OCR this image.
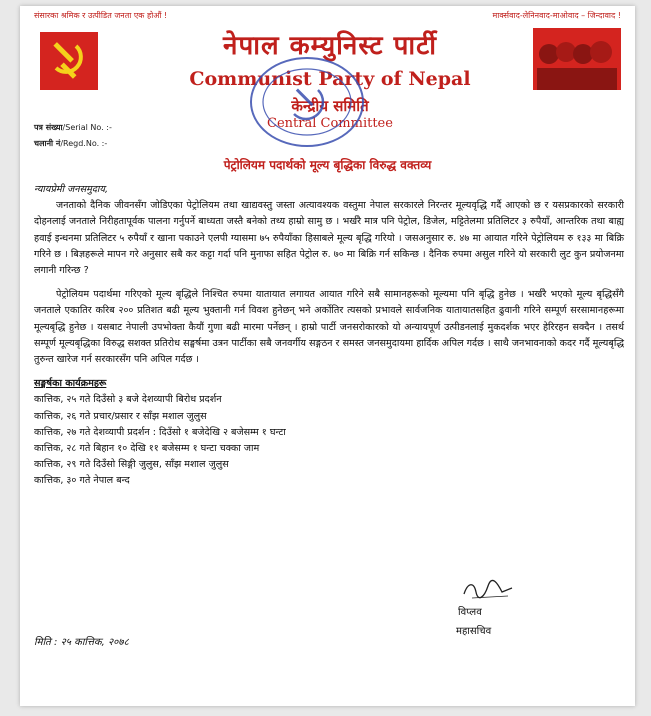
संसारका श्रमिक र उत्पीडित जनता एक होऔं !	मार्क्सवाद-लेनिनवाद-माओवाद – जिन्दावाद !
नेपाल कम्युनिस्ट पार्टी
Communist Party of Nepal
केन्द्रीय समिति
Central Committee
पत्र संख्या/Serial No. :-
चलानी नं/Regd.No. :-
पेट्रोलियम पदार्थको मूल्य बृद्धिका विरुद्ध वक्तव्य
न्यायप्रेमी जनसमुदाय,

जनताको दैनिक जीवनसँग जोडिएका पेट्रोलियम तथा खाद्यवस्तु जस्ता अत्यावश्यक वस्तुमा नेपाल सरकारले निरन्तर मूल्यवृद्धि गर्दै आएको छ र यसप्रकारको सरकारी दोहनलाई जनताले निरीहतापूर्वक पालना गर्नुपर्ने बाध्यता जस्तै बनेको तथ्य हाम्रो सामु छ । भर्खरै मात्र पनि पेट्रोल, डिजेल, मट्टितेलमा प्रतिलिटर ३ रुपैयाँ, आन्तरिक तथा बाह्य हवाई इन्धनमा प्रतिलिटर ५ रुपैयाँ र खाना पकाउने एलपी ग्यासमा ७५ रुपैयाँका हिसाबले मूल्य बृद्धि गरियो । जसअनुसार रु. ४७ मा आयात गरिने पेट्रोलियम रु १३३ मा बिक्रि गरिने छ । बिज्ञहरूले मापन गरे अनुसार सबै कर कट्टा गर्दा पनि मुनाफा सहित पेट्रोल रु. ७० मा बिक्रि गर्न सकिन्छ । दैनिक रुपमा असुल गरिने यो सरकारी लुट कुन प्रयोजनमा लगानी गरिन्छ ?

पेट्रोलियम पदार्थमा गरिएको मूल्य बृद्धिले निश्चित रुपमा यातायात लगायत आयात गरिने सबै सामानहरूको मूल्यमा पनि बृद्धि हुनेछ । भर्खरै भएको मूल्य बृद्धिसँगै जनताले एकातिर करिब २०० प्रतिशत बढी मूल्य भुक्तानी गर्न विवश हुनेछन् भने अर्कोतिर त्यसको प्रभावले सार्वजनिक यातायातसहित ढुवानी गरिने सम्पूर्ण सरसामानहरूमा मूल्यबृद्धि हुनेछ । यसबाट नेपाली उपभोक्ता कैयौं गुणा बढी मारमा पर्नेछन् । हाम्रो पार्टी जनसरोकारको यो अन्यायपूर्ण उत्पीडनलाई मुकदर्शक भएर हेरिरहन सक्दैन । तसर्थ सम्पूर्ण मूल्यबृद्धिका विरुद्ध सशक्त प्रतिरोध सङ्घर्षमा उत्रन पार्टीका सबै जनवर्गीय सङ्गठन र समस्त जनसमुदायमा हार्दिक अपिल गर्दछ । साथै जनभावनाको कदर गर्दै मूल्यबृद्धि तुरुन्त खारेज गर्न सरकारसँग पनि अपिल गर्दछ ।

सङ्घर्षका कार्यक्रमहरू
कात्तिक, २५ गते दिउँसो ३ बजे देशव्यापी बिरोध प्रदर्शन
कात्तिक, २६ गते प्रचार/प्रसार र साँझ मशाल जुलुस
कात्तिक, २७ गते देशव्यापी प्रदर्शन : दिउँसो १ बजेदेखि २ बजेसम्म १ घन्टा
कात्तिक, २८ गते बिहान १० देखि ११ बजेसम्म १ घन्टा चक्का जाम
कात्तिक, २९ गते दिउँसो सिङ्गी जुलुस, साँझ मशाल जुलुस
कात्तिक, ३० गते नेपाल बन्द
विप्लव
महासचिव
मिति : २५ कात्तिक, २०७८
